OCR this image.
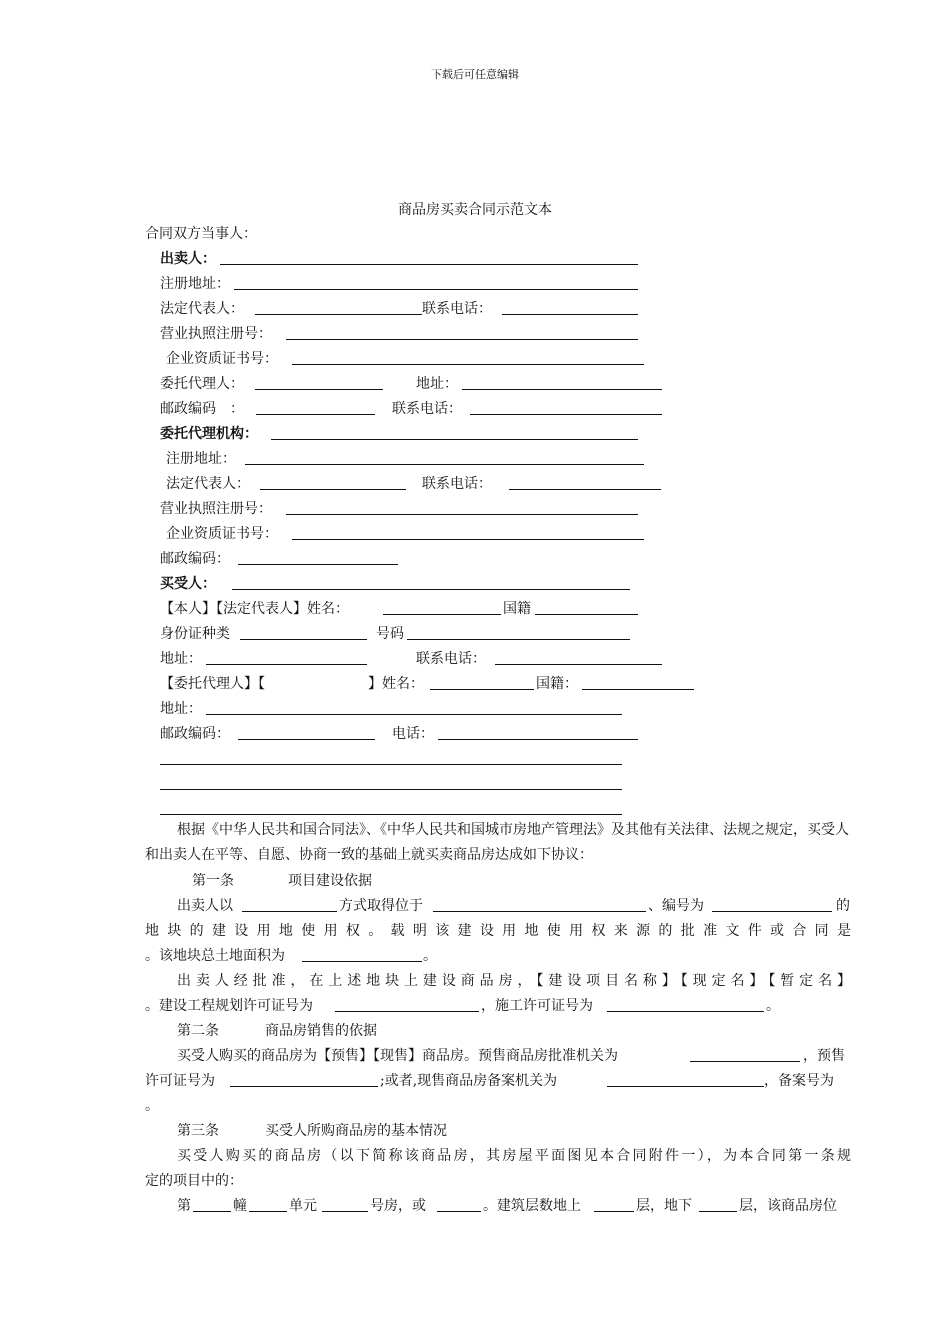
下载后可任意编辑
商品房买卖合同示范文本
合同双方当事人：
出卖人：
注册地址：
法定代表人：	联系电话：
营业执照注册号：
企业资质证书号：
委托代理人：	地址：
邮政编码　：	联系电话：
委托代理机构：
注册地址：
法定代表人：	联系电话：
营业执照注册号：
企业资质证书号：
邮政编码：
买受人：
【本人】【法定代表人】姓名：	国籍
身份证种类	号码
地址：	联系电话：
【委托代理人】【	】姓名：	国籍：
地址：
邮政编码：	电话：
根据《中华人民共和国合同法》、《中华人民共和国城市房地产管理法》及其他有关法律、法规之规定，买受人和出卖人在平等、自愿、协商一致的基础上就买卖商品房达成如下协议：
第一条	项目建设依据
出卖人以	方式取得位于	、编号为	的
地块的建设用地使用权。载明该建设用地使用权来源的批准文件或合同是
。该地块总土地面积为	。
出卖人经批准，在上述地块上建设商品房，【建设项目名称】【现定名】【暂定名】
。建设工程规划许可证号为	，施工许可证号为	。
第二条	商品房销售的依据
买受人购买的商品房为【预售】【现售】商品房。预售商品房批准机关为	，预售
许可证号为	;或者,现售商品房备案机关为	，备案号为
。
第三条	买受人所购商品房的基本情况
买受人购买的商品房（以下简称该商品房，其房屋平面图见本合同附件一），为本合同第一条规
定的项目中的：
第	幢	单元	号房，或	。建筑层数地上	层，地下	层，该商品房位
